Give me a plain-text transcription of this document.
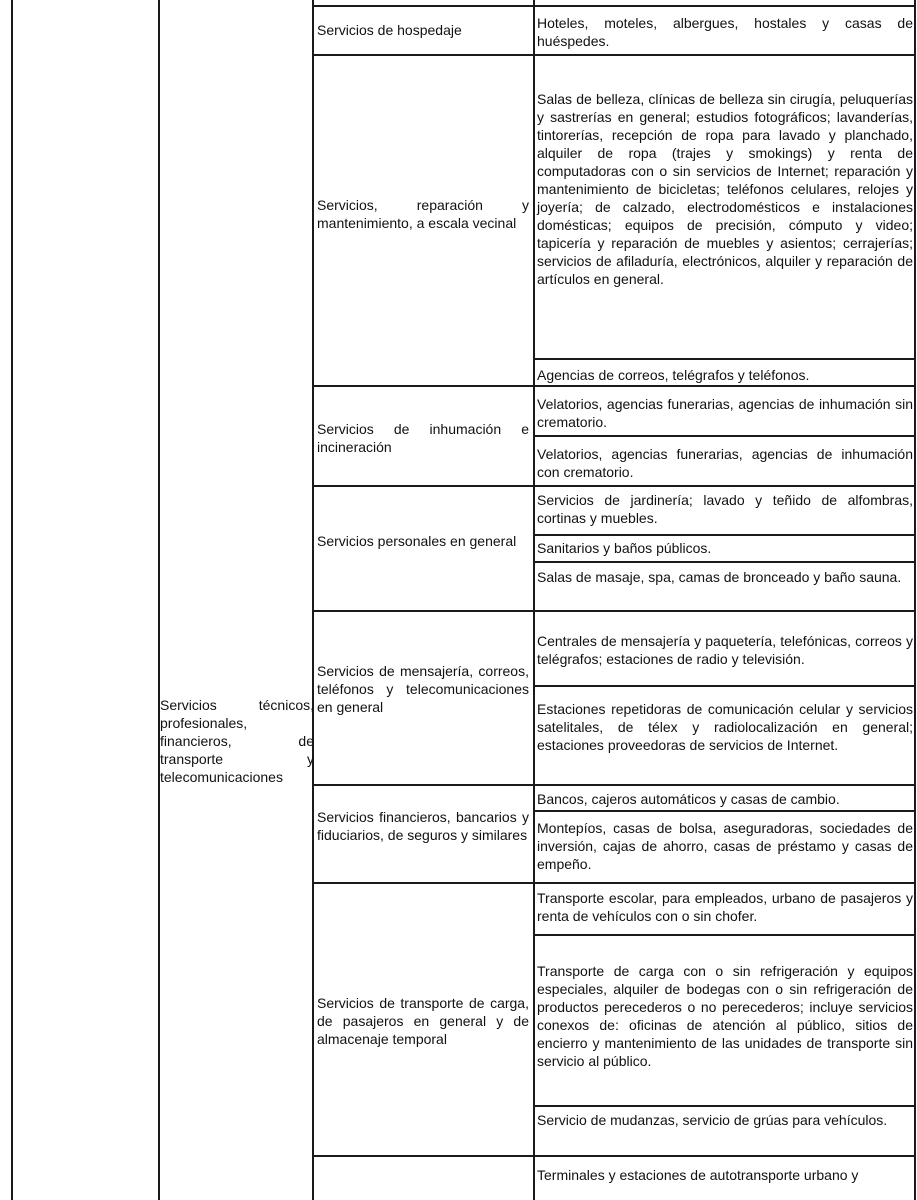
Servicios técnicos, profesionales, financieros, de transporte y telecomunicaciones
Servicios de hospedaje
Servicios, reparación y mantenimiento, a escala vecinal
Servicios de inhumación e incineración
Servicios personales en general
Servicios de mensajería, correos, teléfonos y telecomunicaciones en general
Servicios financieros, bancarios y fiduciarios, de seguros y similares
Servicios de transporte de carga, de pasajeros en general y de almacenaje temporal
Hoteles, moteles, albergues, hostales y casas de huéspedes.
Salas de belleza, clínicas de belleza sin cirugía, peluquerías y sastrerías en general; estudios fotográficos; lavanderías, tintorerías, recepción de ropa para lavado y planchado, alquiler de ropa (trajes y smokings) y renta de computadoras con o sin servicios de Internet; reparación y mantenimiento de bicicletas; teléfonos celulares, relojes y joyería; de calzado, electrodomésticos e instalaciones domésticas; equipos de precisión, cómputo y video; tapicería y reparación de muebles y asientos; cerrajerías; servicios de afiladuría, electrónicos, alquiler y reparación de artículos en general.
Agencias de correos, telégrafos y teléfonos.
Velatorios, agencias funerarias, agencias de inhumación sin crematorio.
Velatorios, agencias funerarias, agencias de inhumación con crematorio.
Servicios de jardinería; lavado y teñido de alfombras, cortinas y muebles.
Sanitarios y baños públicos.
Salas de masaje, spa, camas de bronceado y baño sauna.
Centrales de mensajería y paquetería, telefónicas, correos y telégrafos; estaciones de radio y televisión.
Estaciones repetidoras de comunicación celular y servicios satelitales, de télex y radiolocalización en general; estaciones proveedoras de servicios de Internet.
Bancos, cajeros automáticos y casas de cambio.
Montepíos, casas de bolsa, aseguradoras, sociedades de inversión, cajas de ahorro, casas de préstamo y casas de empeño.
Transporte escolar, para empleados, urbano de pasajeros y renta de vehículos con o sin chofer.
Transporte de carga con o sin refrigeración y equipos especiales, alquiler de bodegas con o sin refrigeración de productos perecederos o no perecederos; incluye servicios conexos de: oficinas de atención al público, sitios de encierro y mantenimiento de las unidades de transporte sin servicio al público.
Servicio de mudanzas, servicio de grúas para vehículos.
Terminales y estaciones de autotransporte urbano y
